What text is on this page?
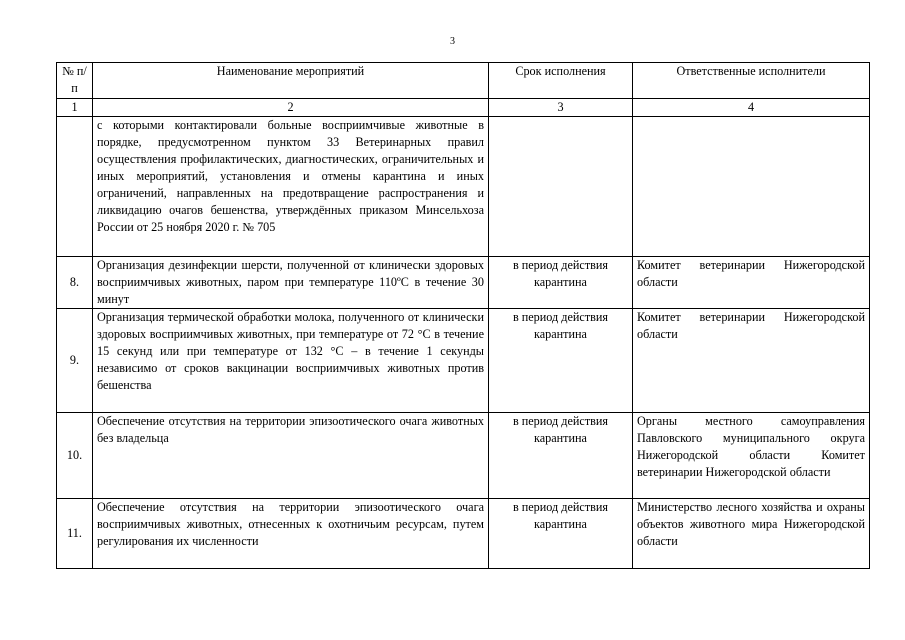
3
№ п/п	Наименование мероприятий	Срок исполнения	Ответственные исполнители
1	2	3	4
	с которыми контактировали больные восприимчивые животные в порядке, предусмотренном пунктом 33 Ветеринарных правил осуществления профилактических, диагностических, ограничительных и иных мероприятий, установления и отмены карантина и иных ограничений, направленных на предотвращение распространения и ликвидацию очагов бешенства, утверждённых приказом Минсельхоза России от 25 ноября 2020 г. № 705		
8.	Организация дезинфекции шерсти, полученной от клинически здоровых восприимчивых животных, паром при температуре 110ºC в течение 30 минут	в период действия карантина	Комитет ветеринарии Нижегородской области
9.	Организация термической обработки молока, полученного от клинически здоровых восприимчивых животных, при температуре от 72 °С в течение 15 секунд или при температуре от 132 °С – в течение 1 секунды независимо от сроков вакцинации восприимчивых животных против бешенства	в период действия карантина	Комитет ветеринарии Нижегородской области
10.	Обеспечение отсутствия на территории эпизоотического очага животных без владельца	в период действия карантина	Органы местного самоуправления Павловского муниципального округа Нижегородской области Комитет ветеринарии Нижегородской области
11.	Обеспечение отсутствия на территории эпизоотического очага восприимчивых животных, отнесенных к охотничьим ресурсам, путем регулирования их численности	в период действия карантина	Министерство лесного хозяйства и охраны объектов животного мира Нижегородской области
